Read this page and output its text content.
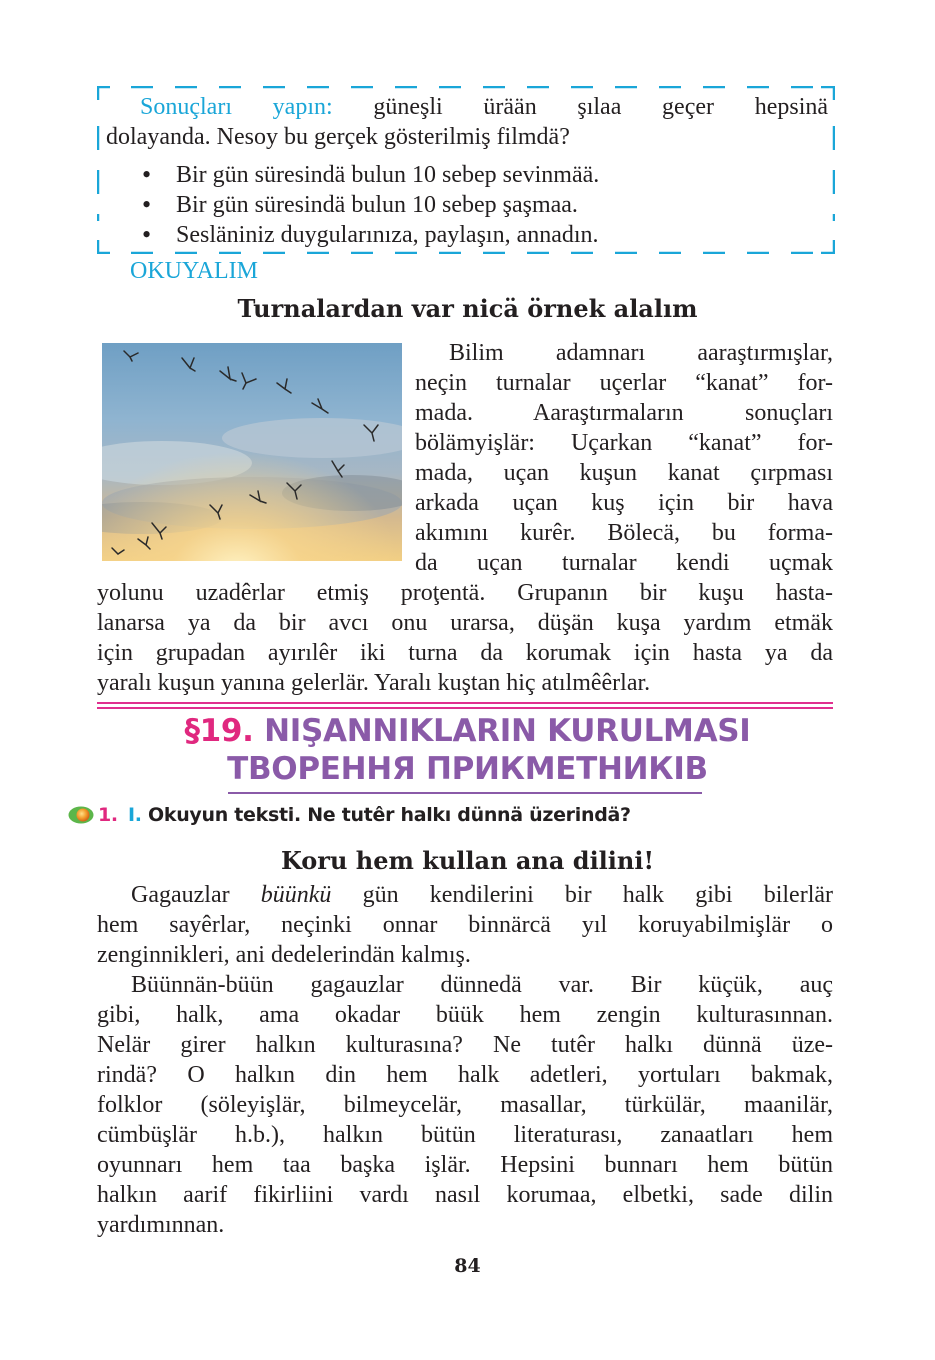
Sonuçları yapın: güneşli ürään şılaa geçer hepsinä

dolayanda. Nesoy bu gerçek gösterilmiş filmdä?

• Bir gün süresindä bulun 10 sebep sevinmää.
• Bir gün süresindä bulun 10 sebep şaşmaa.
• Seslänіniz duygularınıza, paylaşın, annadın.
OKUYALIM
Turnalardan var nicä örnek alalım
Bilim adamnarı aaraştırmışlar,
neçin turnalar uçerlar “kanat” for-
mada. Aaraştırmaların sonuçları
bölämyişlär: Uçarkan “kanat” for-
mada, uçan kuşun kanat çırpması
arkada uçan kuş için bir hava
akımını kurêr. Bölecä, bu forma-
da uçan turnalar kendi uçmak
yolunu uzadêrlar etmiş proţentä. Grupanın bir kuşu hasta-
lanarsa ya da bir avcı onu urarsa, düşän kuşa yardım etmäk
için grupadan ayırılêr iki turna da korumak için hasta ya da
yaralı kuşun yanına gelerlär. Yaralı kuştan hiç atılmêêrlar.
§19. NIŞANNIKLARIN KURULMASI
ТВОРЕННЯ ПРИКМЕТНИКІВ
1. I. Okuyun teksti. Ne tutêr halkı dünnä üzerindä?
Koru hem kullan ana dilini!
Gagauzlar büünkü gün kendilerini bir halk gibi bilerlär
hem sayêrlar, neçinki onnar binnärcä yıl koruyabilmişlär o
zenginnikleri, ani dedelerindän kalmış.
Büünnän-büün gagauzlar dünnedä var. Bir küçük, auç
gibi, halk, ama okadar büük hem zengin kulturasınnan.
Nelär girer halkın kulturasına? Ne tutêr halkı dünnä üze-
rindä? O halkın din hem halk adetleri, yortuları bakmak,
folklor (söleyişlär, bilmeycelär, masallar, türkülär, maanilär,
cümbüşlär h.b.), halkın bütün literaturası, zanaatları hem
oyunnarı hem taa başka işlär. Hepsini bunnarı hem bütün
halkın aarif fikirliini vardı nasıl korumaa, elbetki, sade dilin
yardımınnan.
84
